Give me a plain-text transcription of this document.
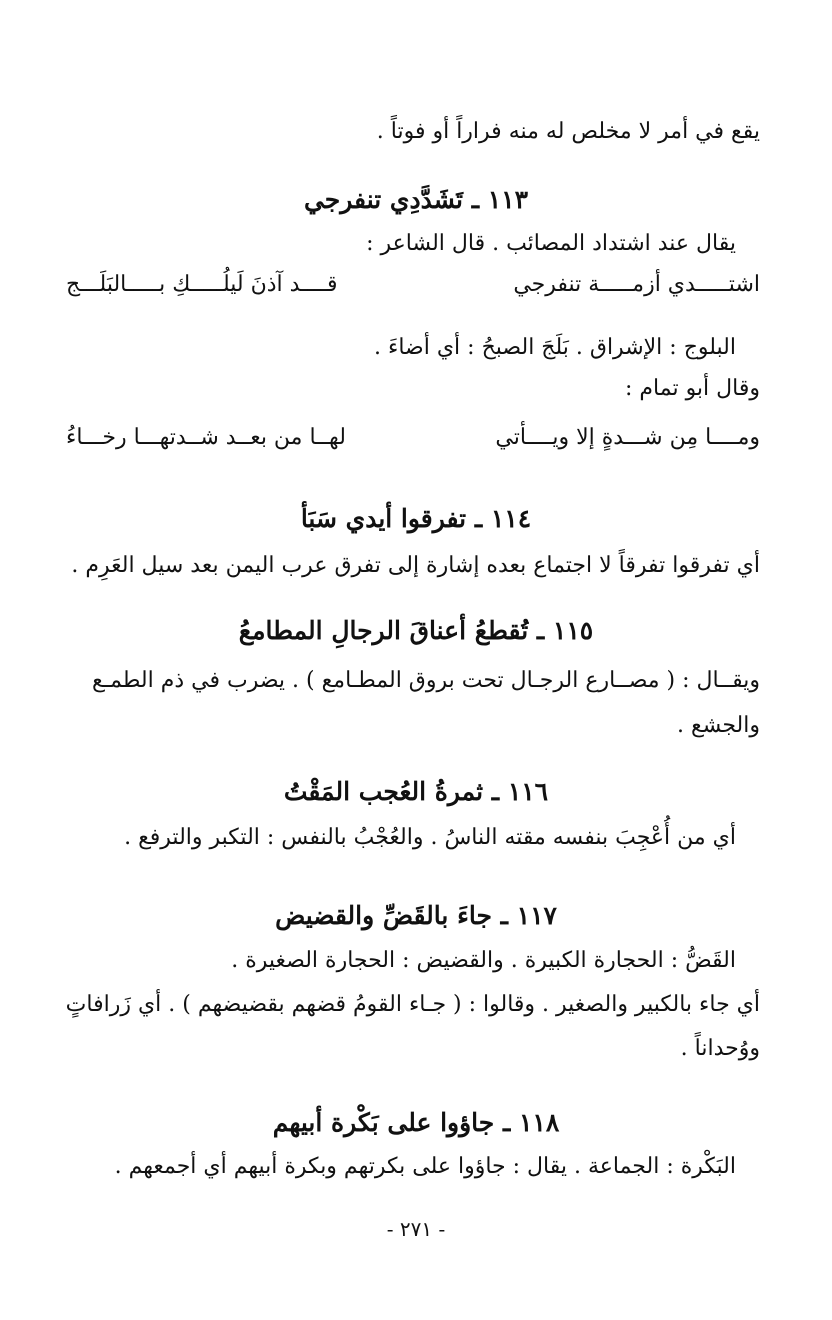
يقع في أمر لا مخلص له منه فراراً أو فوتاً .
١١٣ ـ تَشَدَّدِي تنفرجي
يقال عند اشتداد المصائب . قال الشاعر :
اشتـــــدي أزمـــــة تنفرجي
قــــد آذنَ لَيلُـــــكِ بـــــالبَلَـــج
البلوج : الإشراق . بَلَجَ الصبحُ : أي أضاءَ .
وقال أبو تمام :
ومــــا مِن شـــدةٍ إلا ويــــأتي
لهــا من بعــد شــدتهـــا رخـــاءُ
١١٤ ـ تفرقوا أيدي سَبَأ
أي تفرقوا تفرقاً لا اجتماع بعده إشارة إلى تفرق عرب اليمن بعد سيل العَرِم .
١١٥ ـ تُقطعُ أعناقَ الرجالِ المطامعُ
ويقــال : ( مصــارع الرجـال تحت بروق المطـامع ) . يضرب في ذم الطمـع
والجشع .
١١٦ ـ ثمرةُ العُجب المَقْتُ
أي من أُعْجِبَ بنفسه مقته الناسُ . والعُجْبُ بالنفس : التكبر والترفع .
١١٧ ـ جاءَ بالقَضِّ والقضيض
القَضُّ : الحجارة الكبيرة . والقضيض : الحجارة الصغيرة .
أي جاء بالكبير والصغير . وقالوا : ( جـاء القومُ قضهم بقضيضهم ) . أي زَرافاتٍ
ووُحداناً .
١١٨ ـ جاؤوا على بَكْرة أبيهم
البَكْرة : الجماعة . يقال : جاؤوا على بكرتهم وبكرة أبيهم أي أجمعهم .
- ٢٧١ -
